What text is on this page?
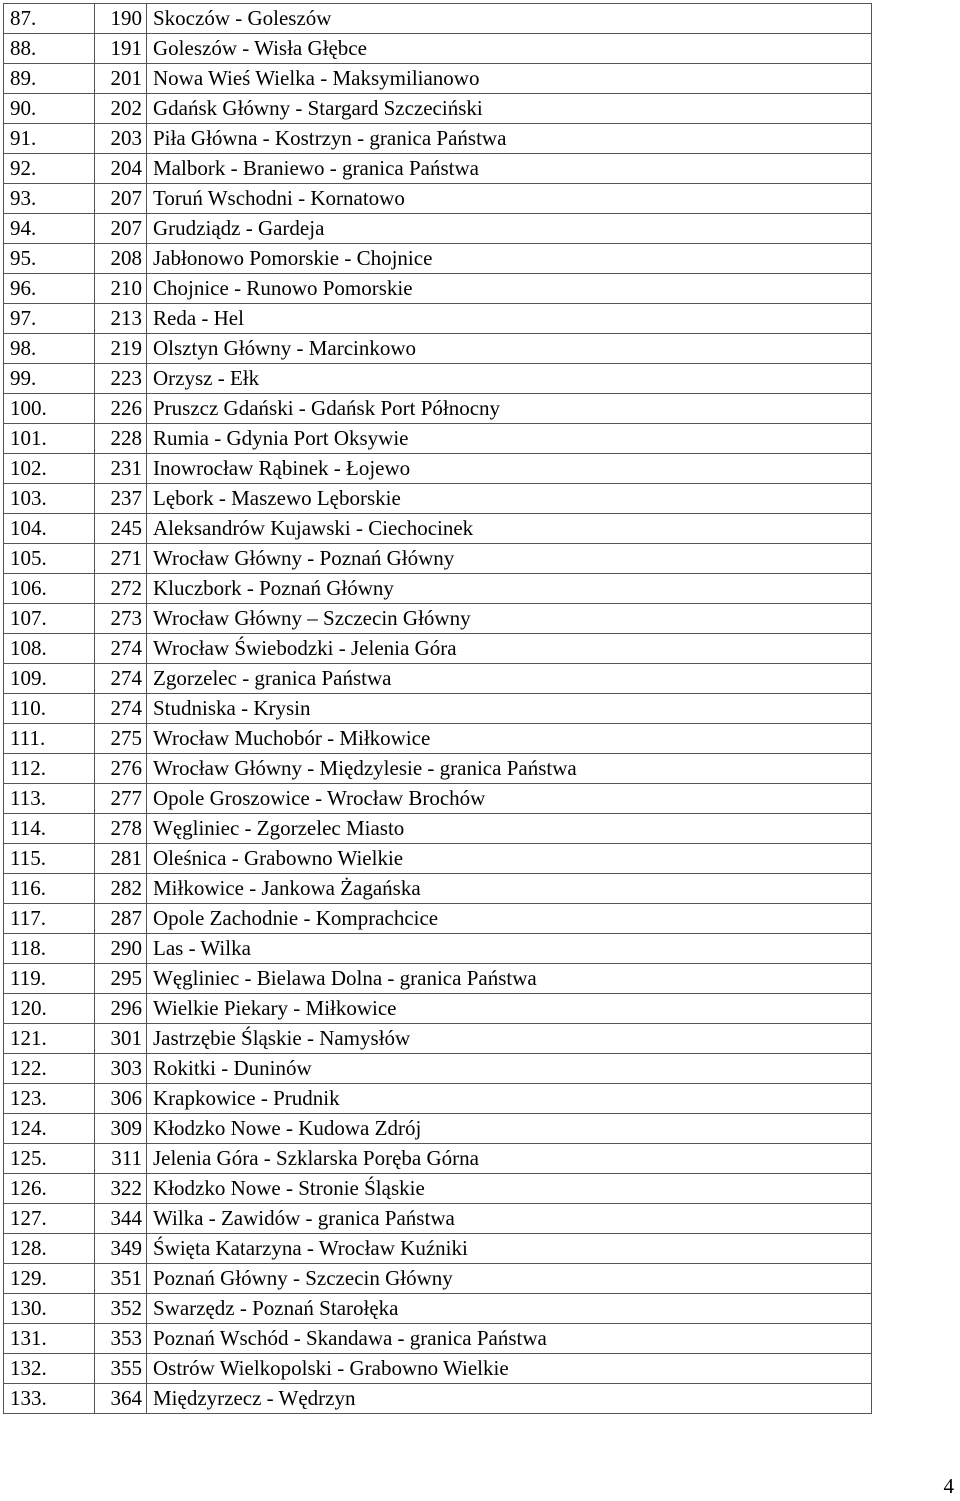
87.	190	Skoczów - Goleszów
88.	191	Goleszów - Wisła Głębce
89.	201	Nowa Wieś Wielka - Maksymilianowo
90.	202	Gdańsk Główny - Stargard Szczeciński
91.	203	Piła Główna - Kostrzyn - granica Państwa
92.	204	Malbork - Braniewo - granica Państwa
93.	207	Toruń Wschodni - Kornatowo
94.	207	Grudziądz - Gardeja
95.	208	Jabłonowo Pomorskie - Chojnice
96.	210	Chojnice - Runowo Pomorskie
97.	213	Reda - Hel
98.	219	Olsztyn Główny - Marcinkowo
99.	223	Orzysz - Ełk
100.	226	Pruszcz Gdański - Gdańsk Port Północny
101.	228	Rumia - Gdynia Port Oksywie
102.	231	Inowrocław Rąbinek - Łojewo
103.	237	Lębork - Maszewo Lęborskie
104.	245	Aleksandrów Kujawski - Ciechocinek
105.	271	Wrocław Główny - Poznań Główny
106.	272	Kluczbork - Poznań Główny
107.	273	Wrocław Główny – Szczecin Główny
108.	274	Wrocław Świebodzki - Jelenia Góra
109.	274	Zgorzelec - granica Państwa
110.	274	Studniska - Krysin
111.	275	Wrocław Muchobór - Miłkowice
112.	276	Wrocław Główny - Międzylesie - granica Państwa
113.	277	Opole Groszowice - Wrocław Brochów
114.	278	Węgliniec - Zgorzelec Miasto
115.	281	Oleśnica - Grabowno Wielkie
116.	282	Miłkowice - Jankowa Żagańska
117.	287	Opole Zachodnie - Komprachcice
118.	290	Las - Wilka
119.	295	Węgliniec - Bielawa Dolna - granica Państwa
120.	296	Wielkie Piekary - Miłkowice
121.	301	Jastrzębie Śląskie - Namysłów
122.	303	Rokitki - Duninów
123.	306	Krapkowice - Prudnik
124.	309	Kłodzko Nowe - Kudowa Zdrój
125.	311	Jelenia Góra - Szklarska Poręba Górna
126.	322	Kłodzko Nowe - Stronie Śląskie
127.	344	Wilka - Zawidów - granica Państwa
128.	349	Święta Katarzyna - Wrocław Kuźniki
129.	351	Poznań Główny - Szczecin Główny
130.	352	Swarzędz - Poznań Starołęka
131.	353	Poznań Wschód - Skandawa - granica Państwa
132.	355	Ostrów Wielkopolski - Grabowno Wielkie
133.	364	Międzyrzecz - Wędrzyn
4
